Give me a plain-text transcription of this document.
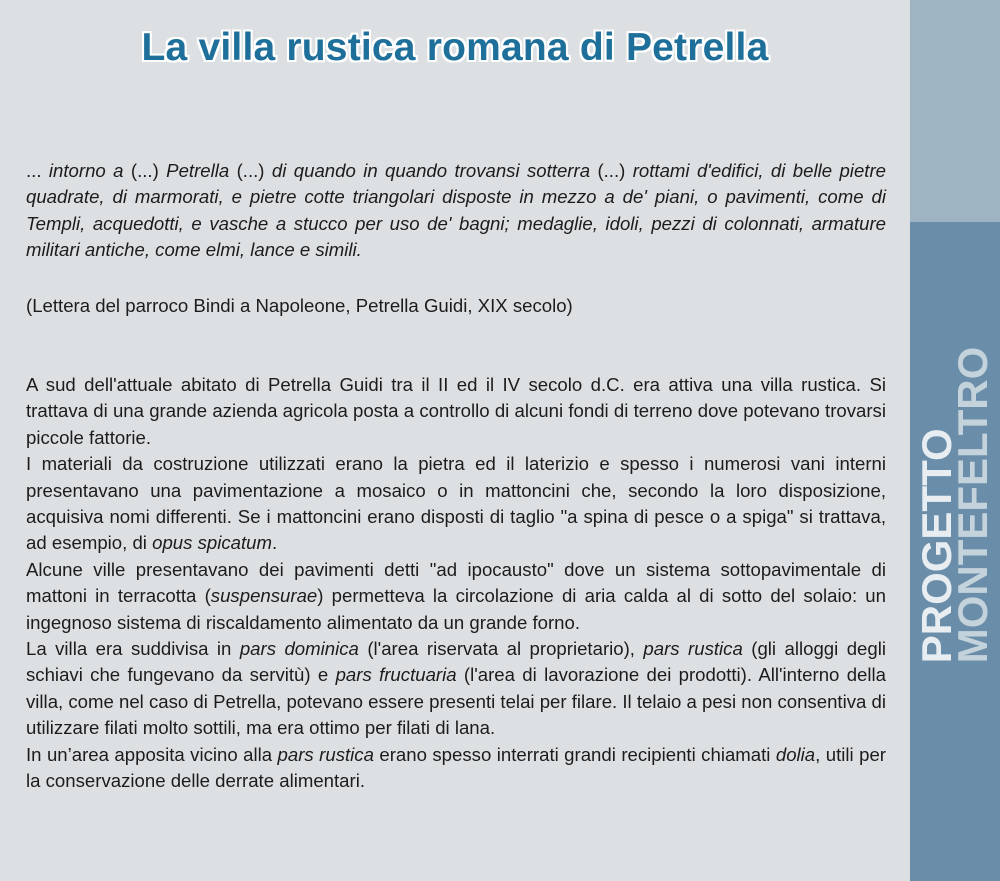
La villa rustica romana di Petrella

... intorno a (...) Petrella (...) di quando in quando trovansi sotterra (...) rottami d'edifici, di belle pietre quadrate, di marmorati, e pietre cotte triangolari disposte in mezzo a de' piani, o pavimenti, come di Templi, acquedotti, e vasche a stucco per uso de' bagni; medaglie, idoli, pezzi di colonnati, armature militari antiche, come elmi, lance e simili.

(Lettera del parroco Bindi a Napoleone, Petrella Guidi, XIX secolo)

A sud dell'attuale abitato di Petrella Guidi tra il II ed il IV secolo d.C. era attiva una villa rustica. Si trattava di una grande azienda agricola posta a controllo di alcuni fondi di terreno dove potevano trovarsi piccole fattorie.

I materiali da costruzione utilizzati erano la pietra ed il laterizio e spesso i numerosi vani interni presentavano una pavimentazione a mosaico o in mattoncini che, secondo la loro disposizione, acquisiva nomi differenti. Se i mattoncini erano disposti di taglio "a spina di pesce o a spiga" si trattava, ad esempio, di opus spicatum.

Alcune ville presentavano dei pavimenti detti "ad ipocausto" dove un sistema sottopavimentale di mattoni in terracotta (suspensurae) permetteva la circolazione di aria calda al di sotto del solaio: un ingegnoso sistema di riscaldamento alimentato da un grande forno.

La villa era suddivisa in pars dominica (l'area riservata al proprietario), pars rustica (gli alloggi degli schiavi che fungevano da servitù) e pars fructuaria (l'area di lavorazione dei prodotti). All'interno della villa, come nel caso di Petrella, potevano essere presenti telai per filare. Il telaio a pesi non consentiva di utilizzare filati molto sottili, ma era ottimo per filati di lana.

In un’area apposita vicino alla pars rustica erano spesso interrati grandi recipienti chiamati dolia, utili per la conservazione delle derrate alimentari.

PROGETTO
MONTEFELTRO
